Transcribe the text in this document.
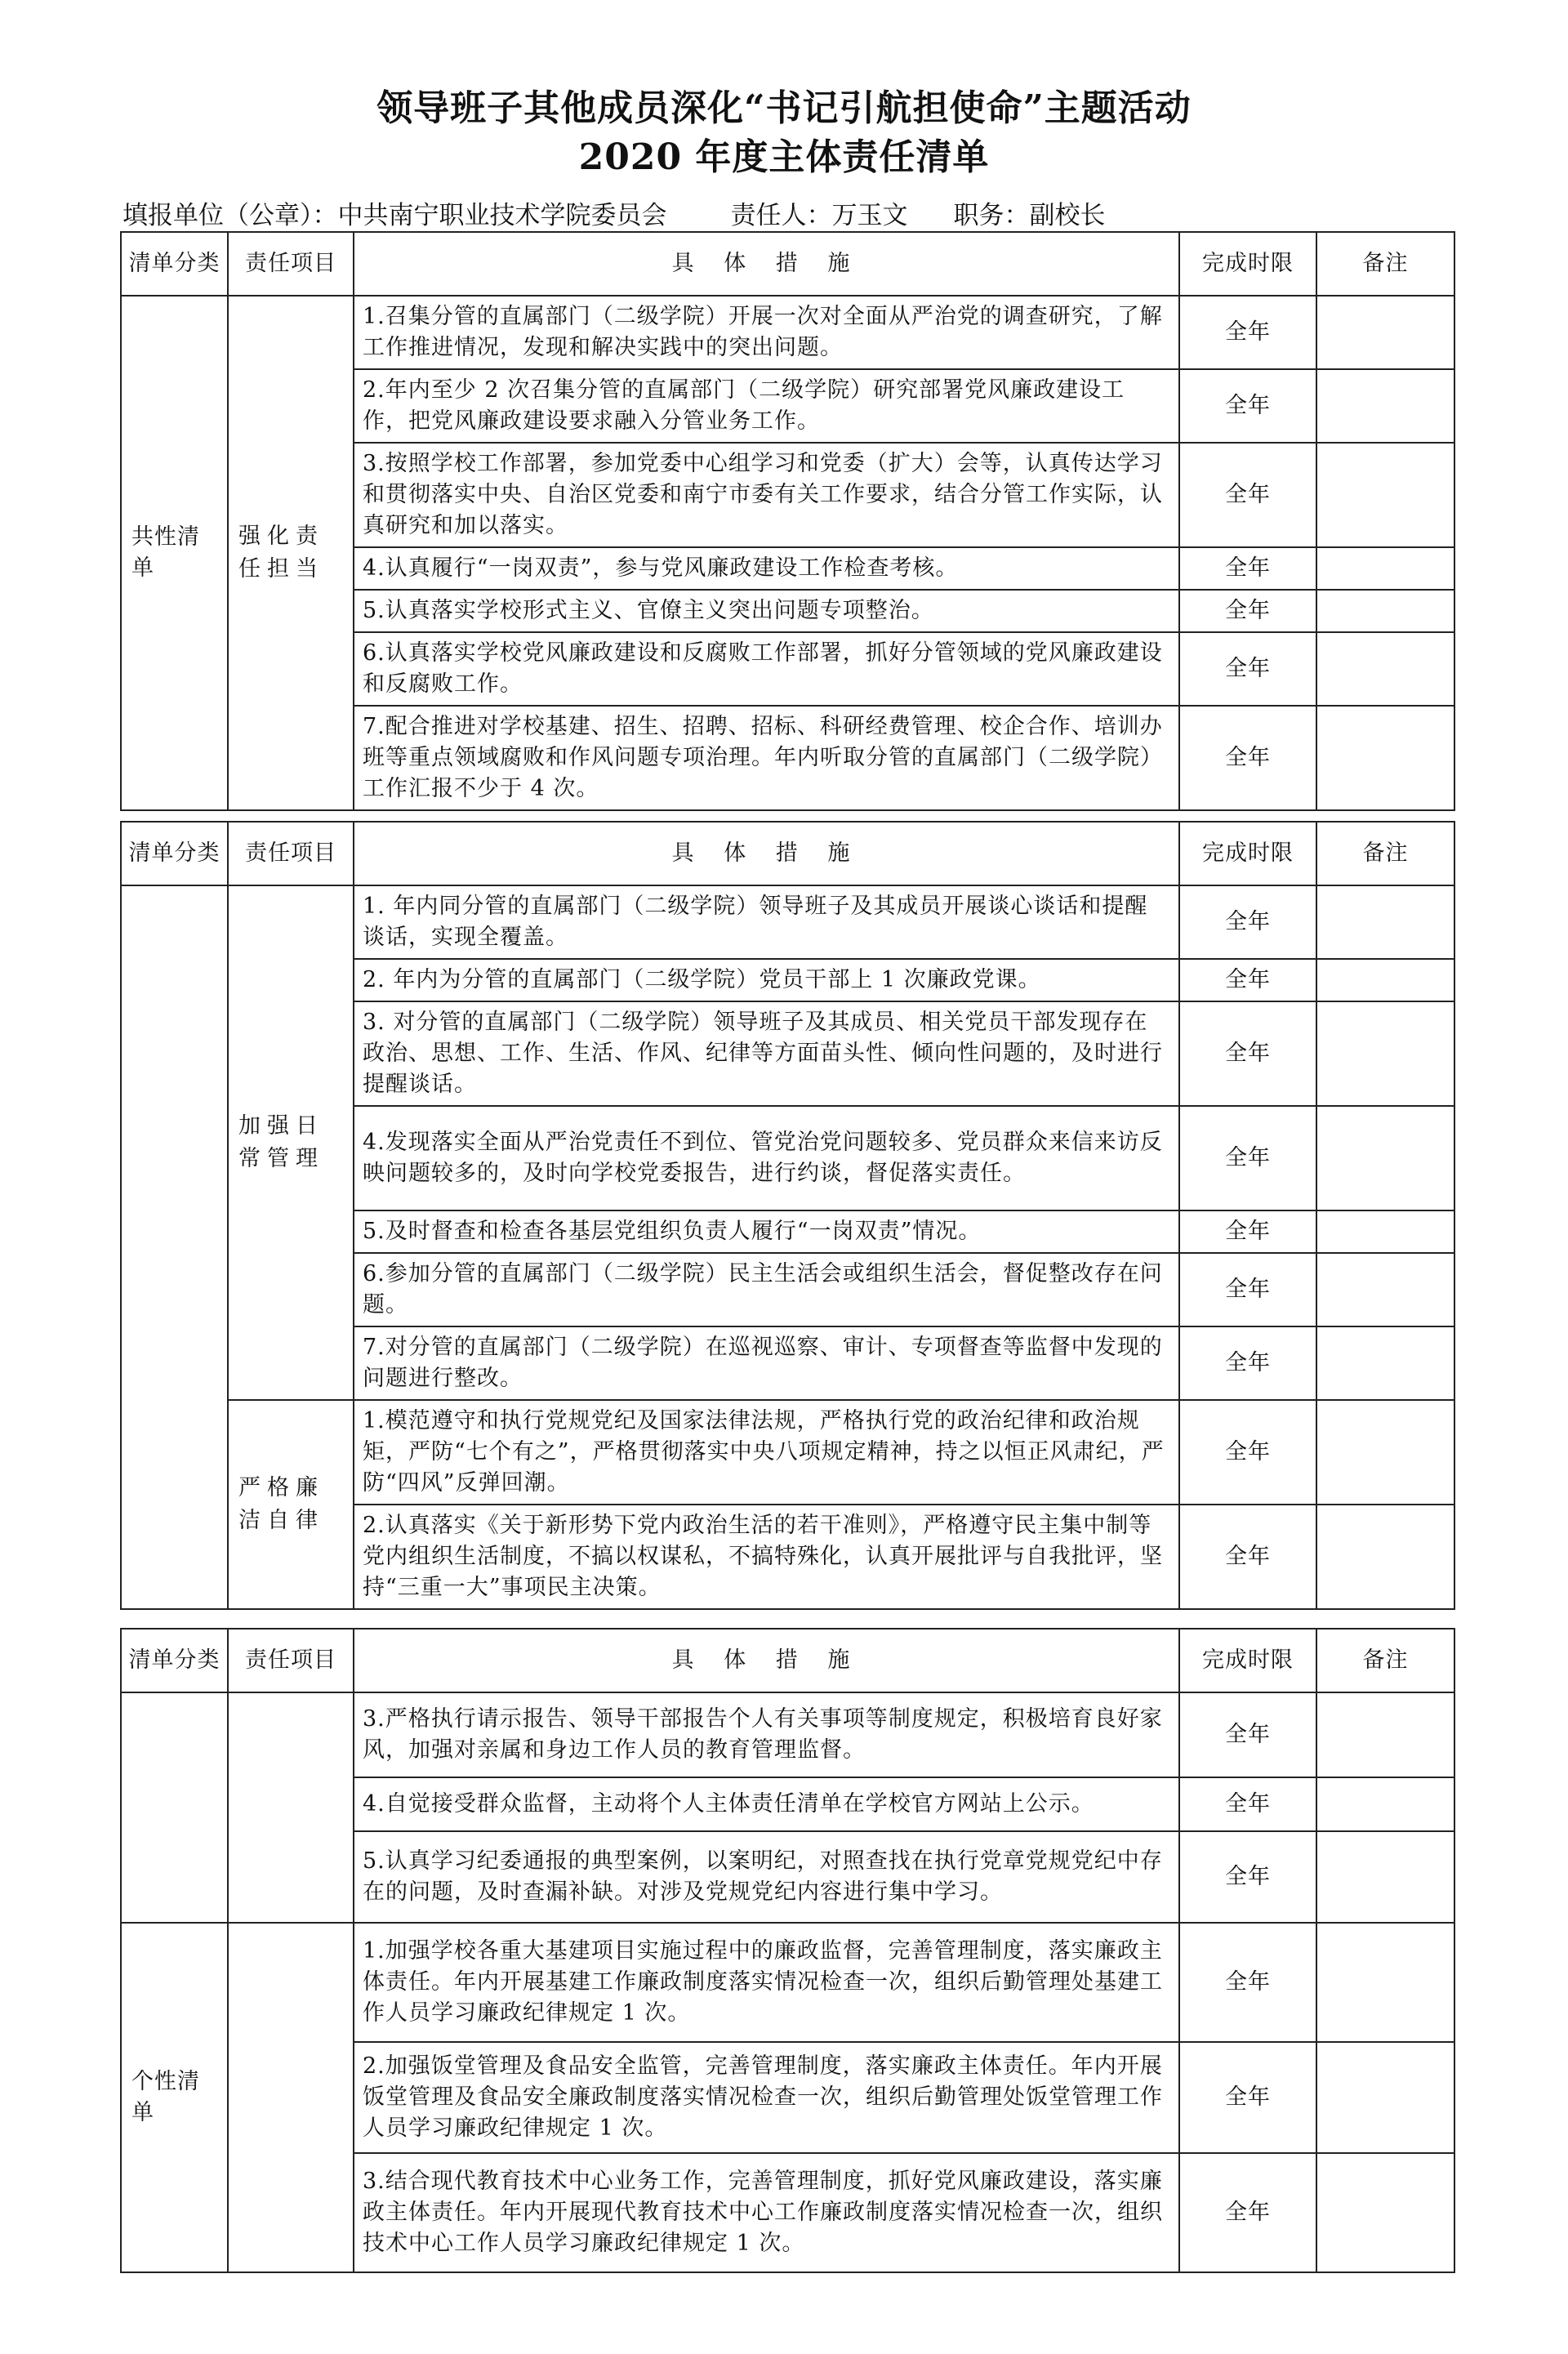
领导班子其他成员深化“书记引航担使命”主题活动
2020 年度主体责任清单
填报单位（公章）：中共南宁职业技术学院委员会	责任人：万玉文 职务：副校长
清单分类	责任项目	具 体 措 施	完成时限	备注
共性清单	强化责任担当	1.召集分管的直属部门（二级学院）开展一次对全面从严治党的调查研究，了解工作推进情况，发现和解决实践中的突出问题。	全年	
		2.年内至少 2 次召集分管的直属部门（二级学院）研究部署党风廉政建设工作，把党风廉政建设要求融入分管业务工作。	全年	
		3.按照学校工作部署，参加党委中心组学习和党委（扩大）会等，认真传达学习和贯彻落实中央、自治区党委和南宁市委有关工作要求，结合分管工作实际，认真研究和加以落实。	全年	
		4.认真履行“一岗双责”，参与党风廉政建设工作检查考核。	全年	
		5.认真落实学校形式主义、官僚主义突出问题专项整治。	全年	
		6.认真落实学校党风廉政建设和反腐败工作部署，抓好分管领域的党风廉政建设和反腐败工作。	全年	
		7.配合推进对学校基建、招生、招聘、招标、科研经费管理、校企合作、培训办班等重点领域腐败和作风问题专项治理。年内听取分管的直属部门（二级学院）工作汇报不少于 4 次。	全年	
清单分类	责任项目	具 体 措 施	完成时限	备注
	加强日常管理	1. 年内同分管的直属部门（二级学院）领导班子及其成员开展谈心谈话和提醒谈话，实现全覆盖。	全年	
		2. 年内为分管的直属部门（二级学院）党员干部上 1 次廉政党课。	全年	
		3. 对分管的直属部门（二级学院）领导班子及其成员、相关党员干部发现存在政治、思想、工作、生活、作风、纪律等方面苗头性、倾向性问题的，及时进行提醒谈话。	全年	
		4.发现落实全面从严治党责任不到位、管党治党问题较多、党员群众来信来访反映问题较多的，及时向学校党委报告，进行约谈，督促落实责任。	全年	
		5.及时督查和检查各基层党组织负责人履行“一岗双责”情况。	全年	
		6.参加分管的直属部门（二级学院）民主生活会或组织生活会，督促整改存在问题。	全年	
		7.对分管的直属部门（二级学院）在巡视巡察、审计、专项督查等监督中发现的问题进行整改。	全年	
	严格廉洁自律	1.模范遵守和执行党规党纪及国家法律法规，严格执行党的政治纪律和政治规矩，严防“七个有之”，严格贯彻落实中央八项规定精神，持之以恒正风肃纪，严防“四风”反弹回潮。	全年	
		2.认真落实《关于新形势下党内政治生活的若干准则》，严格遵守民主集中制等党内组织生活制度，不搞以权谋私，不搞特殊化，认真开展批评与自我批评，坚持“三重一大”事项民主决策。	全年	
清单分类	责任项目	具 体 措 施	完成时限	备注
		3.严格执行请示报告、领导干部报告个人有关事项等制度规定，积极培育良好家风，加强对亲属和身边工作人员的教育管理监督。	全年	
		4.自觉接受群众监督，主动将个人主体责任清单在学校官方网站上公示。	全年	
		5.认真学习纪委通报的典型案例，以案明纪，对照查找在执行党章党规党纪中存在的问题，及时查漏补缺。对涉及党规党纪内容进行集中学习。	全年	
个性清单		1.加强学校各重大基建项目实施过程中的廉政监督，完善管理制度，落实廉政主体责任。年内开展基建工作廉政制度落实情况检查一次，组织后勤管理处基建工作人员学习廉政纪律规定 1 次。	全年	
		2.加强饭堂管理及食品安全监管，完善管理制度，落实廉政主体责任。年内开展饭堂管理及食品安全廉政制度落实情况检查一次，组织后勤管理处饭堂管理工作人员学习廉政纪律规定 1 次。	全年	
		3.结合现代教育技术中心业务工作，完善管理制度，抓好党风廉政建设，落实廉政主体责任。年内开展现代教育技术中心工作廉政制度落实情况检查一次，组织技术中心工作人员学习廉政纪律规定 1 次。	全年	
